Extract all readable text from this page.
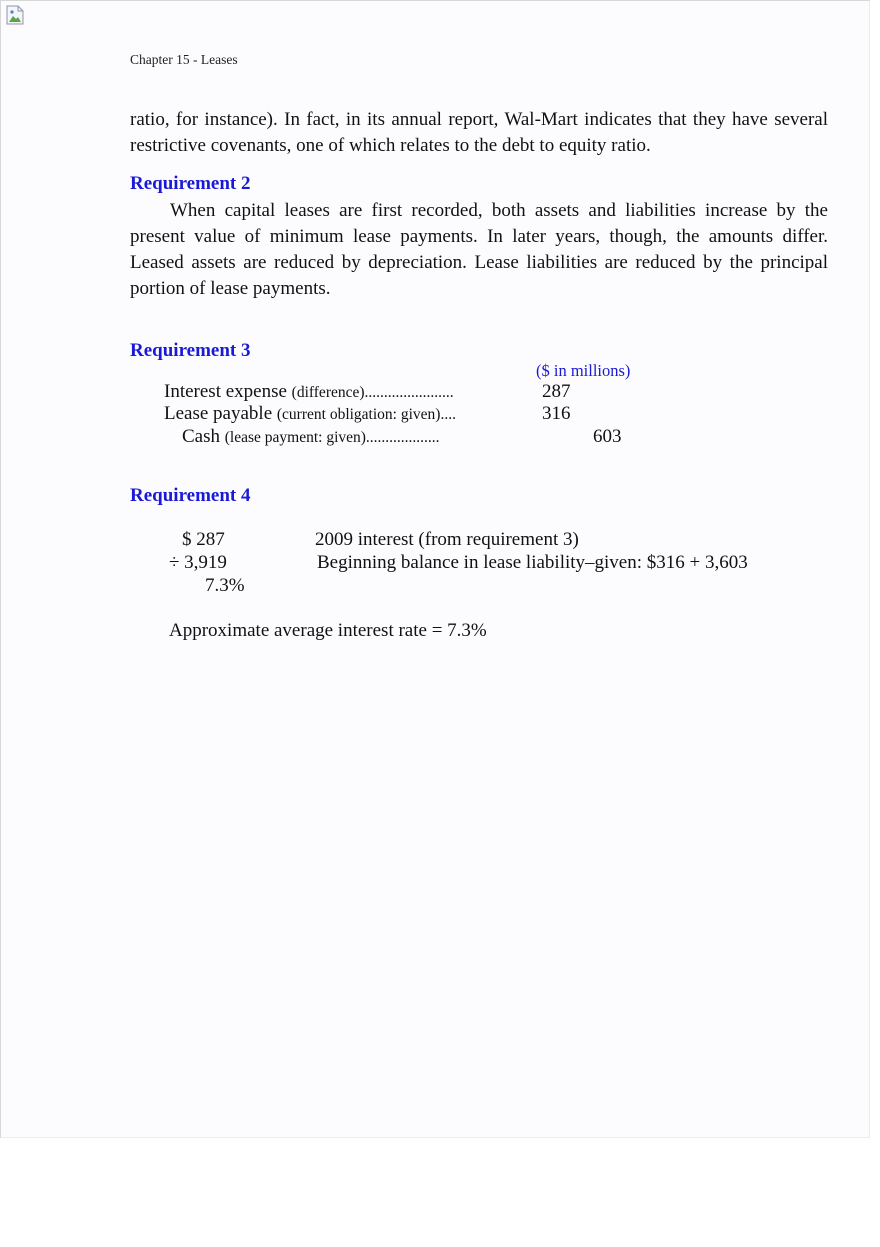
Chapter 15 - Leases
ratio, for instance). In fact, in its annual report, Wal-Mart indicates that they have several restrictive covenants, one of which relates to the debt to equity ratio.
Requirement 2
When capital leases are first recorded, both assets and liabilities increase by the present value of minimum lease payments. In later years, though, the amounts differ. Leased assets are reduced by depreciation. Lease liabilities are reduced by the principal portion of lease payments.
Requirement 3
($ in millions)
Interest expense (difference).......................	287
Lease payable (current obligation: given)....	316
Cash (lease payment: given)...................	603
Requirement 4
$ 287	2009 interest (from requirement 3)
÷ 3,919	Beginning balance in lease liability–given: $316 + 3,603
7.3%
Approximate average interest rate = 7.3%
